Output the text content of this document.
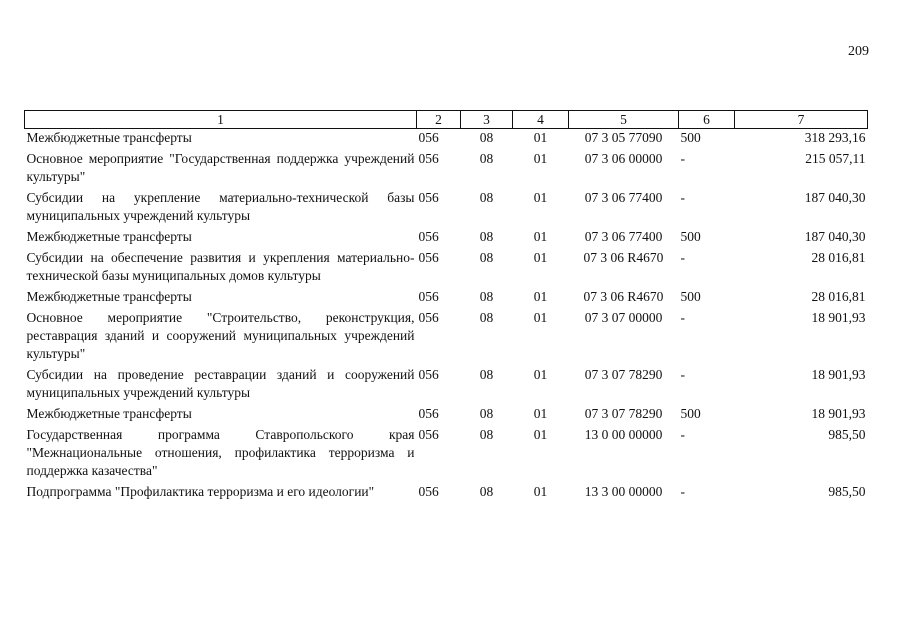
209
1	2	3	4	5	6	7
Межбюджетные трансферты	056	08	01	07 3 05 77090	500	318 293,16
Основное мероприятие "Государственная поддержка учреждений культуры"	056	08	01	07 3 06 00000	-	215 057,11
Субсидии на укрепление материально-технической базы муниципальных учреждений культуры	056	08	01	07 3 06 77400	-	187 040,30
Межбюджетные трансферты	056	08	01	07 3 06 77400	500	187 040,30
Субсидии на обеспечение развития и укрепления материально-технической базы муниципальных домов культуры	056	08	01	07 3 06 R4670	-	28 016,81
Межбюджетные трансферты	056	08	01	07 3 06 R4670	500	28 016,81
Основное мероприятие "Строительство, реконструкция, реставрация зданий и сооружений муниципальных учреждений культуры"	056	08	01	07 3 07 00000	-	18 901,93
Субсидии на проведение реставрации зданий и сооружений муниципальных учреждений культуры	056	08	01	07 3 07 78290	-	18 901,93
Межбюджетные трансферты	056	08	01	07 3 07 78290	500	18 901,93
Государственная программа Ставропольского края "Межнациональные отношения, профилактика терроризма и поддержка казачества"	056	08	01	13 0 00 00000	-	985,50
Подпрограмма "Профилактика терроризма и его идеологии"	056	08	01	13 3 00 00000	-	985,50
